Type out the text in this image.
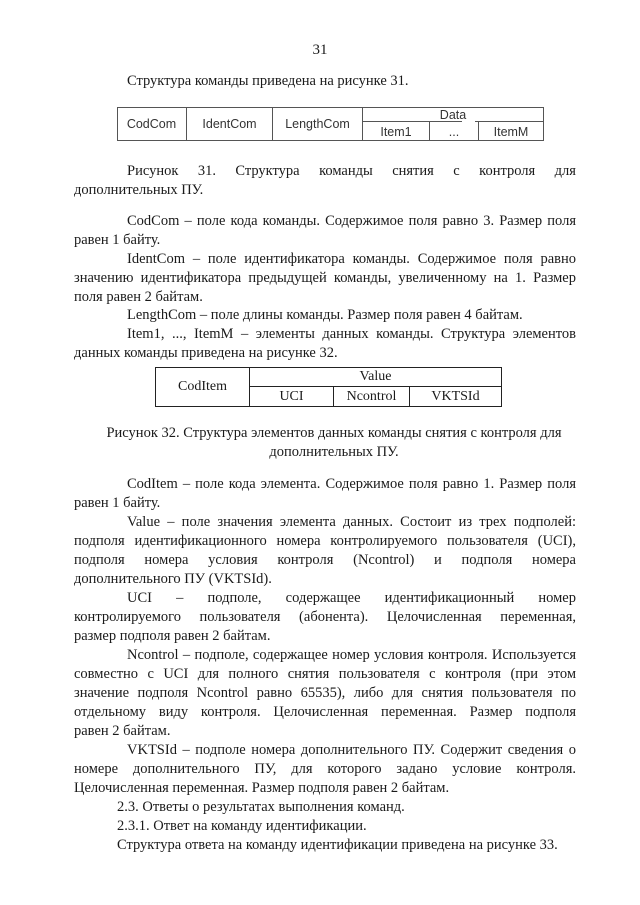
31
Структура команды приведена на рисунке 31.
CodCom	IdentCom	LengthCom
Data
Item1	...	ItemM
Рисунок 31. Структура команды снятия с контроля для
дополнительных ПУ.
CodCom – поле кода команды. Содержимое поля равно 3. Размер поля
равен 1 байту.
IdentCom – поле идентификатора команды. Содержимое поля равно
значению идентификатора предыдущей команды, увеличенному на 1. Размер
поля равен 2 байтам.
LengthCom – поле длины команды. Размер поля равен 4 байтам.
Item1, ..., ItemM – элементы данных команды. Структура элементов
данных команды приведена на рисунке 32.
CodItem
Value
UCI	Ncontrol	VKTSId
Рисунок 32. Структура элементов данных команды снятия с контроля для
дополнительных ПУ.
CodItem – поле кода элемента. Содержимое поля равно 1. Размер поля
равен 1 байту.
Value – поле значения элемента данных. Состоит из трех подполей:
подполя идентификационного номера контролируемого пользователя (UCI),
подполя номера условия контроля (Ncontrol) и подполя номера
дополнительного ПУ (VKTSId).
UCI – подполе, содержащее идентификационный номер
контролируемого пользователя (абонента). Целочисленная переменная,
размер подполя равен 2 байтам.
Ncontrol – подполе, содержащее номер условия контроля. Используется
совместно с UCI для полного снятия пользователя с контроля (при этом
значение подполя Ncontrol равно 65535), либо для снятия пользователя по
отдельному виду контроля. Целочисленная переменная. Размер подполя
равен 2 байтам.
VKTSId – подполе номера дополнительного ПУ. Содержит сведения о
номере дополнительного ПУ, для которого задано условие контроля.
Целочисленная переменная. Размер подполя равен 2 байтам.
2.3. Ответы о результатах выполнения команд.
2.3.1. Ответ на команду идентификации.
Структура ответа на команду идентификации приведена на рисунке 33.
